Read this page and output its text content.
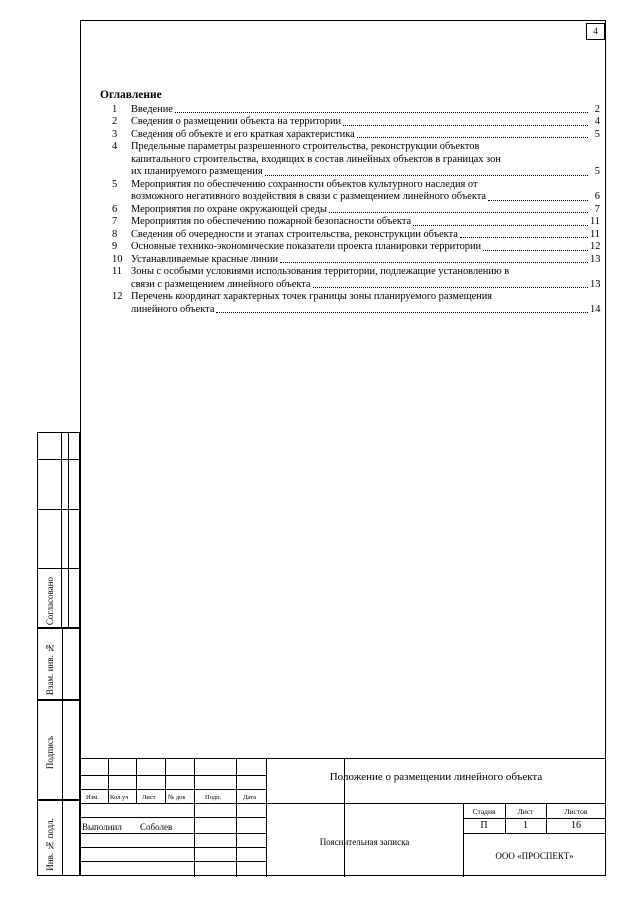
4
Оглавление
1 Введение	2
2 Сведения о размещении объекта на территории	4
3 Сведения об объекте и его краткая характеристика	5
4 Предельные параметры разрешенного строительства, реконструкции объектов
капитального строительства, входящих в состав линейных объектов в границах зон
их планируемого размещения	5
5 Мероприятия по обеспечению сохранности объектов культурного наследия от
возможного негативного воздействия в связи с размещением линейного объекта	6
6 Мероприятия по охране окружающей среды	7
7 Мероприятия по обеспечению пожарной безопасности объекта	11
8 Сведения об очередности и этапах строительства, реконструкции объекта	11
9 Основные технико-экономические показатели проекта планировки территории	12
10 Устанавливаемые красные линии	13
11 Зоны с особыми условиями использования территории, подлежащие установлению в
связи с размещением линейного объекта	13
12 Перечень координат характерных точек границы зоны планируемого размещения
линейного объекта	14
Согласовано
Взам. инв. №
Подпись
Инв. № подл.
Изм. Кол.уч Лист № док	Подп.	Дата
Выполнил Соболев
Положение о размещении линейного объекта
Пояснительная записка
Стадия	Лист	Листов
П	1	16
ООО «ПРОСПЕКТ»
